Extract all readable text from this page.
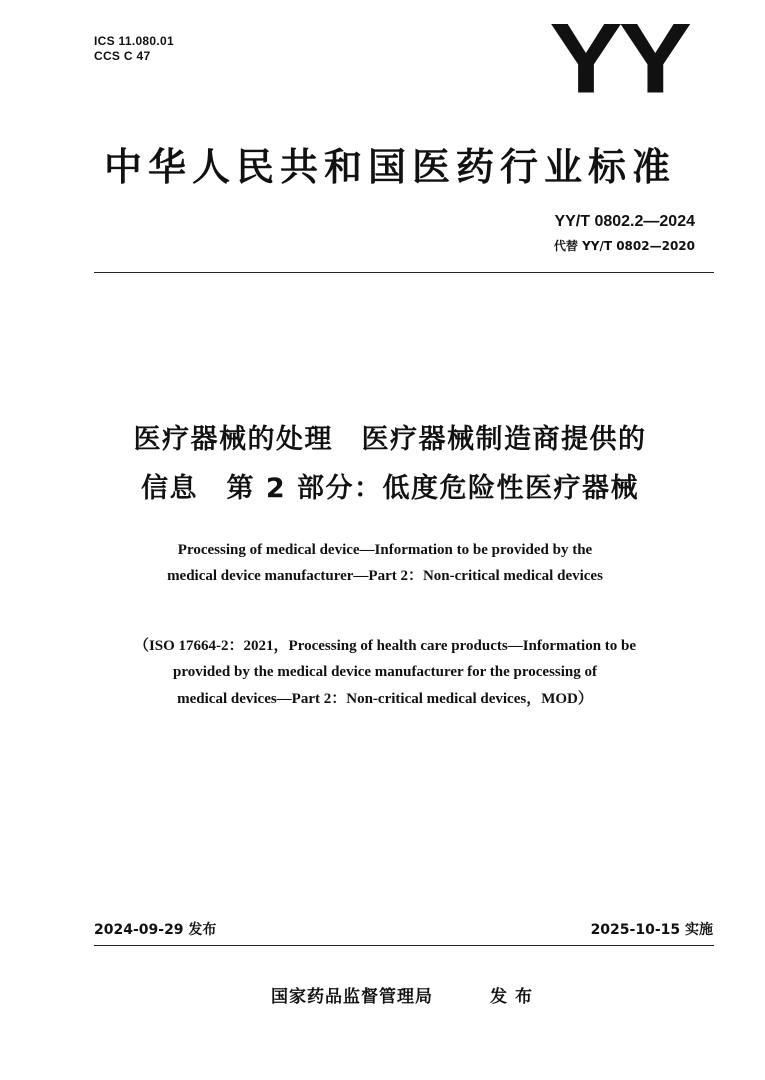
ICS 11.080.01
CCS C 47	YY
中华人民共和国医药行业标准
YY/T 0802.2—2024
代替 YY/T 0802—2020
医疗器械的处理　医疗器械制造商提供的
信息　第 2 部分：低度危险性医疗器械
Processing of medical device—Information to be provided by the
medical device manufacturer—Part 2：Non-critical medical devices
（ISO 17664-2：2021，Processing of health care products—Information to be
provided by the medical device manufacturer for the processing of
medical devices—Part 2：Non-critical medical devices，MOD）
2024-09-29 发布	2025-10-15 实施
国家药品监督管理局	发布
